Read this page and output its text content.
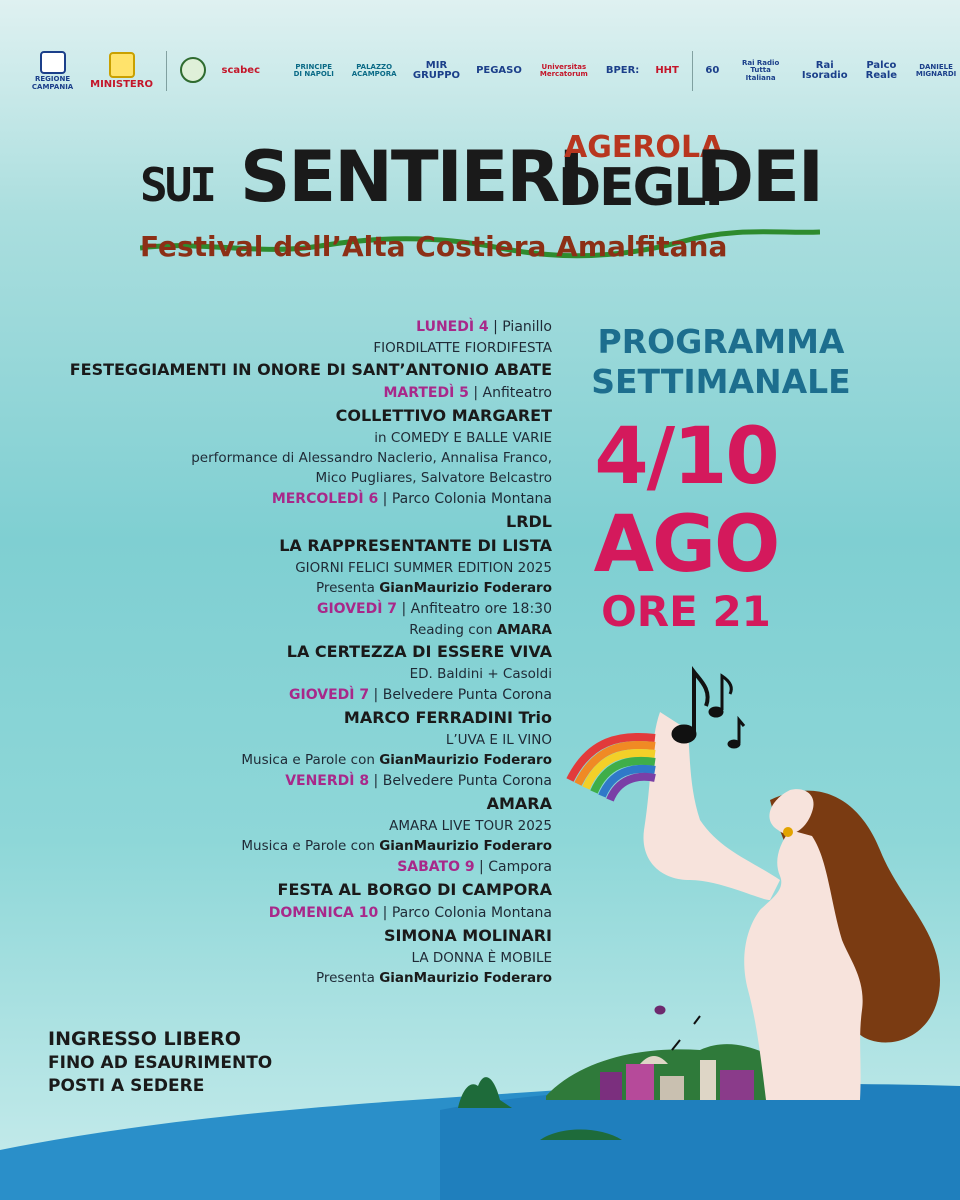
REGIONE CAMPANIA MINISTERO
scabec	PRINCIPE DI NAPOLI
PALAZZO ACAMPORA
MIR GRUPPO PEGASO	Universitas Mercatorum BPER: HHT	60
Rai Radio Tutta Italiana
Rai Isoradio
Palco Reale
DANIELE MIGNARDI
SUI SENTIERI
AGEROLA
DEGLI
DEI
Festival dell’Alta Costiera Amalfitana
LUNEDÌ 4 | Pianillo
FIORDILATTE FIORDIFESTA
FESTEGGIAMENTI IN ONORE DI SANT’ANTONIO ABATE
MARTEDÌ 5 | Anfiteatro
COLLETTIVO MARGARET
in COMEDY E BALLE VARIE
performance di Alessandro Naclerio, Annalisa Franco,
Mico Pugliares, Salvatore Belcastro
MERCOLEDÌ 6 | Parco Colonia Montana
LRDL
LA RAPPRESENTANTE DI LISTA
GIORNI FELICI SUMMER EDITION 2025
Presenta GianMaurizio Foderaro
GIOVEDÌ 7 | Anfiteatro ore 18:30
Reading con AMARA
LA CERTEZZA DI ESSERE VIVA
ED. Baldini + Casoldi
GIOVEDÌ 7 | Belvedere Punta Corona
MARCO FERRADINI Trio
L’UVA E IL VINO
Musica e Parole con GianMaurizio Foderaro
VENERDÌ 8 | Belvedere Punta Corona
AMARA
AMARA LIVE TOUR 2025
Musica e Parole con GianMaurizio Foderaro
SABATO 9 | Campora
FESTA AL BORGO DI CAMPORA
DOMENICA 10 | Parco Colonia Montana
SIMONA MOLINARI
LA DONNA È MOBILE
Presenta GianMaurizio Foderaro
PROGRAMMA
SETTIMANALE
4/10
AGO
ORE 21
INGRESSO LIBERO
FINO AD ESAURIMENTO
POSTI A SEDERE
